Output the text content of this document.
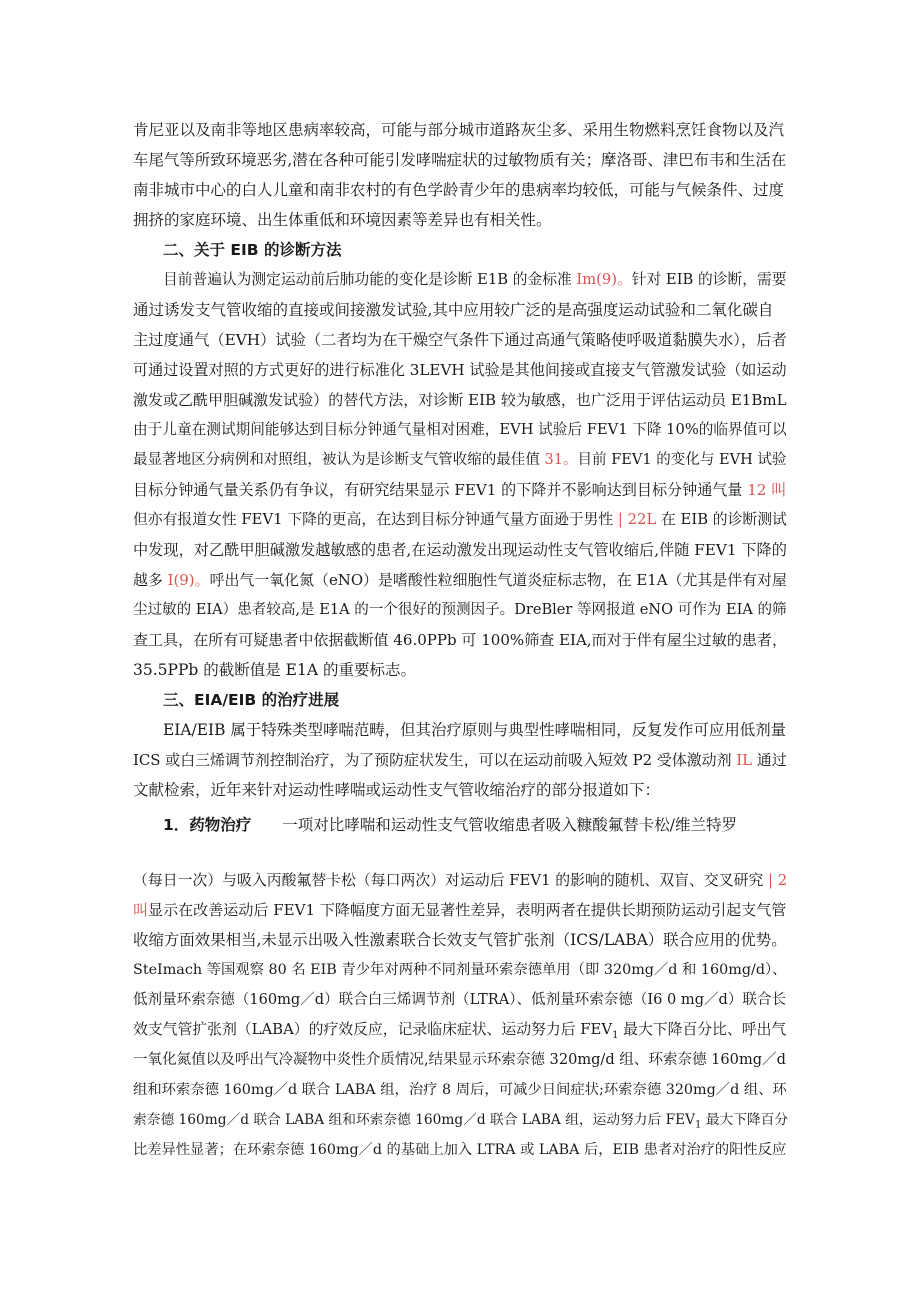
肯尼亚以及南非等地区患病率较高，可能与部分城市道路灰尘多、采用生物燃料烹饪食物以及汽
车尾气等所致环境恶劣,潜在各种可能引发哮喘症状的过敏物质有关；摩洛哥、津巴布韦和生活在
南非城市中心的白人儿童和南非农村的有色学龄青少年的患病率均较低，可能与气候条件、过度
拥挤的家庭环境、出生体重低和环境因素等差异也有相关性。
二、关于 EIB 的诊断方法
目前普遍认为测定运动前后肺功能的变化是诊断 E1B 的金标准 Im(9)。针对 EIB 的诊断，需要
通过诱发支气管收缩的直接或间接激发试验,其中应用较广泛的是高强度运动试验和二氧化碳自
主过度通气（EVH）试验（二者均为在干燥空气条件下通过高通气策略使呼吸道黏膜失水），后者
可通过设置对照的方式更好的进行标准化 3LEVH 试验是其他间接或直接支气管激发试验（如运动
激发或乙酰甲胆碱激发试验）的替代方法，对诊断 EIB 较为敏感，也广泛用于评估运动员 E1BmL
由于儿童在测试期间能够达到目标分钟通气量相对困难，EVH 试验后 FEV1 下降 10%的临界值可以
最显著地区分病例和对照组，被认为是诊断支气管收缩的最佳值 31。目前 FEV1 的变化与 EVH 试验
目标分钟通气量关系仍有争议，有研究结果显示 FEV1 的下降并不影响达到目标分钟通气量 12 叫
但亦有报道女性 FEV1 下降的更高，在达到目标分钟通气量方面逊于男性 | 22L 在 EIB 的诊断测试
中发现，对乙酰甲胆碱激发越敏感的患者,在运动激发出现运动性支气管收缩后,伴随 FEV1 下降的
越多 I(9)。呼出气一氧化氮（eNO）是嗜酸性粒细胞性气道炎症标志物，在 E1A（尤其是伴有对屋
尘过敏的 EIA）患者较高,是 E1A 的一个很好的预测因子。DreBler 等网报道 eNO 可作为 EIA 的筛
查工具，在所有可疑患者中依据截断值 46.0PPb 可 100%筛查 EIA,而对于伴有屋尘过敏的患者，
35.5PPb 的截断值是 E1A 的重要标志。
三、EIA/EIB 的治疗进展
EIA/EIB 属于特殊类型哮喘范畴，但其治疗原则与典型性哮喘相同，反复发作可应用低剂量
ICS 或白三烯调节剂控制治疗，为了预防症状发生，可以在运动前吸入短效 P2 受体激动剂 IL 通过
文献检索，近年来针对运动性哮喘或运动性支气管收缩治疗的部分报道如下：
1．药物治疗　　一项对比哮喘和运动性支气管收缩患者吸入糠酸氟替卡松/维兰特罗
（每日一次）与吸入丙酸氟替卡松（每口两次）对运动后 FEV1 的影响的随机、双盲、交叉研究 | 2
叫显示在改善运动后 FEV1 下降幅度方面无显著性差异，表明两者在提供长期预防运动引起支气管
收缩方面效果相当,未显示出吸入性激素联合长效支气管扩张剂（ICS/LABA）联合应用的优势。
SteImach 等国观察 80 名 EIB 青少年对两种不同剂量环索奈德单用（即 320mg／d 和 160mg/d）、
低剂量环索奈德（160mg／d）联合白三烯调节剂（LTRA）、低剂量环索奈德（I6 0 mg／d）联合长
效支气管扩张剂（LABA）的疗效反应，记录临床症状、运动努力后 $FEV_1$ 最大下降百分比、呼出气
一氧化氮值以及呼出气冷凝物中炎性介质情况,结果显示环索奈德 320mg/d 组、环索奈德 160mg／d
组和环索奈德 160mg／d 联合 LABA 组，治疗 8 周后，可减少日间症状;环索奈德 320mg／d 组、环
索奈德 160mg／d 联合 LABA 组和环索奈德 160mg／d 联合 LABA 组，运动努力后 $FEV_1$ 最大下降百分
比差异性显著；在环索奈德 160mg／d 的基础上加入 LTRA 或 LABA 后，EIB 患者对治疗的阳性反应
